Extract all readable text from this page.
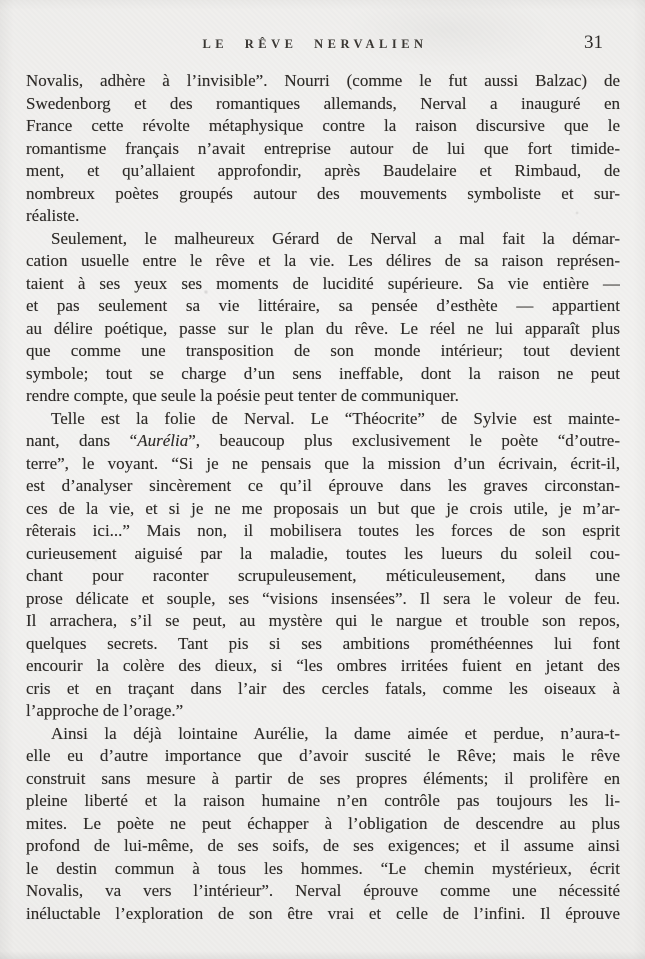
LE RÊVE NERVALIEN	31
Novalis, adhère à l’invisible”. Nourri (comme le fut aussi Balzac) de
Swedenborg et des romantiques allemands, Nerval a inauguré en
France cette révolte métaphysique contre la raison discursive que le
romantisme français n’avait entreprise autour de lui que fort timide-
ment, et qu’allaient approfondir, après Baudelaire et Rimbaud, de
nombreux poètes groupés autour des mouvements symboliste et sur-
réaliste.
Seulement, le malheureux Gérard de Nerval a mal fait la démar-
cation usuelle entre le rêve et la vie. Les délires de sa raison représen-
taient à ses yeux ses moments de lucidité supérieure. Sa vie entière —
et pas seulement sa vie littéraire, sa pensée d’esthète — appartient
au délire poétique, passe sur le plan du rêve. Le réel ne lui apparaît plus
que comme une transposition de son monde intérieur; tout devient
symbole; tout se charge d’un sens ineffable, dont la raison ne peut
rendre compte, que seule la poésie peut tenter de communiquer.
Telle est la folie de Nerval. Le “Théocrite” de Sylvie est mainte-
nant, dans “Aurélia”, beaucoup plus exclusivement le poète “d’outre-
terre”, le voyant. “Si je ne pensais que la mission d’un écrivain, écrit-il,
est d’analyser sincèrement ce qu’il éprouve dans les graves circonstan-
ces de la vie, et si je ne me proposais un but que je crois utile, je m’ar-
rêterais ici...” Mais non, il mobilisera toutes les forces de son esprit
curieusement aiguisé par la maladie, toutes les lueurs du soleil cou-
chant pour raconter scrupuleusement, méticuleusement, dans une
prose délicate et souple, ses “visions insensées”. Il sera le voleur de feu.
Il arrachera, s’il se peut, au mystère qui le nargue et trouble son repos,
quelques secrets. Tant pis si ses ambitions prométhéennes lui font
encourir la colère des dieux, si “les ombres irritées fuient en jetant des
cris et en traçant dans l’air des cercles fatals, comme les oiseaux à
l’approche de l’orage.”
Ainsi la déjà lointaine Aurélie, la dame aimée et perdue, n’aura-t-
elle eu d’autre importance que d’avoir suscité le Rêve; mais le rêve
construit sans mesure à partir de ses propres éléments; il prolifère en
pleine liberté et la raison humaine n’en contrôle pas toujours les li-
mites. Le poète ne peut échapper à l’obligation de descendre au plus
profond de lui-même, de ses soifs, de ses exigences; et il assume ainsi
le destin commun à tous les hommes. “Le chemin mystérieux, écrit
Novalis, va vers l’intérieur”. Nerval éprouve comme une nécessité
inéluctable l’exploration de son être vrai et celle de l’infini. Il éprouve
